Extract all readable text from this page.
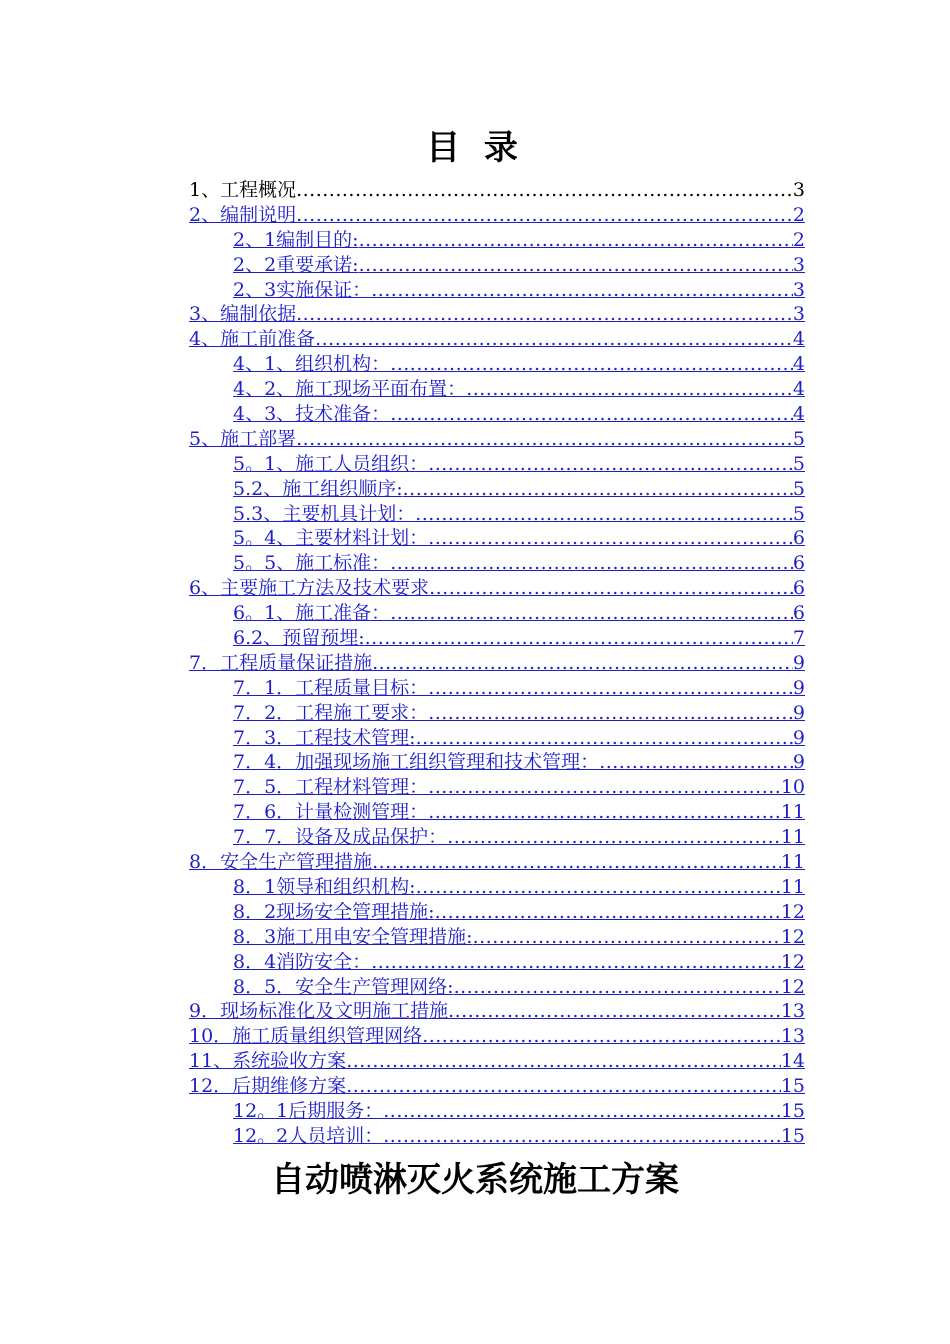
目 录
1、工程概况 .....	3
2、编制说明 .....	2
2、1编制目的: .....	2
2、2重要承诺: .....	3
2、3实施保证： .....	3
3、编制依据 .....	3
4、施工前准备 .....	4
4、1、组织机构： .....	4
4、2、施工现场平面布置： .....	4
4、3、技术准备： .....	4
5、施工部署 .....	5
5。1、施工人员组织： .....	5
5.2、施工组织顺序: .....	5
5.3、主要机具计划： .....	5
5。4、主要材料计划： .....	6
5。5、施工标准： .....	6
6、主要施工方法及技术要求 .....	6
6。1、施工准备： .....	6
6.2、预留预埋: .....	7
7．工程质量保证措施 .....	9
7．1．工程质量目标： .....	9
7．2．工程施工要求： .....	9
7．3．工程技术管理: .....	9
7．4．加强现场施工组织管理和技术管理： .....	9
7．5．工程材料管理： .....	10
7．6．计量检测管理： .....	11
7．7．设备及成品保护： .....	11
8．安全生产管理措施 .....	11
8．1领导和组织机构: .....	11
8．2现场安全管理措施: .....	12
8．3施工用电安全管理措施: .....	12
8．4消防安全： .....	12
8．5．安全生产管理网络: .....	12
9．现场标准化及文明施工措施 .....	13
10．施工质量组织管理网络 .....	13
11、系统验收方案 .....	14
12．后期维修方案 .....	15
12。1后期服务： .....	15
12。2人员培训： .....	15
自动喷淋灭火系统施工方案
